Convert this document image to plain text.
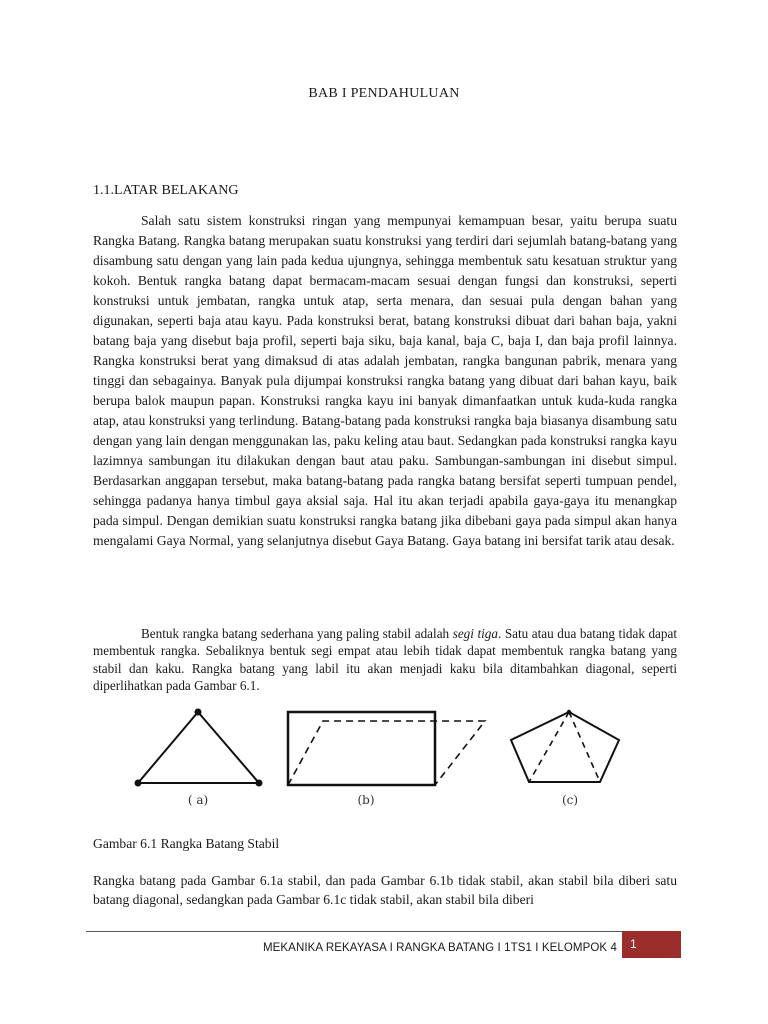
BAB I PENDAHULUAN
1.1.LATAR BELAKANG

Salah satu sistem konstruksi ringan yang mempunyai kemampuan besar, yaitu berupa suatu Rangka Batang. Rangka batang merupakan suatu konstruksi yang terdiri dari sejumlah batang-batang yang disambung satu dengan yang lain pada kedua ujungnya, sehingga membentuk satu kesatuan struktur yang kokoh. Bentuk rangka batang dapat bermacam-macam sesuai dengan fungsi dan konstruksi, seperti konstruksi untuk jembatan, rangka untuk atap, serta menara, dan sesuai pula dengan bahan yang digunakan, seperti baja atau kayu. Pada konstruksi berat, batang konstruksi dibuat dari bahan baja, yakni batang baja yang disebut baja profil, seperti baja siku, baja kanal, baja C, baja I, dan baja profil lainnya. Rangka konstruksi berat yang dimaksud di atas adalah jembatan, rangka bangunan pabrik, menara yang tinggi dan sebagainya. Banyak pula dijumpai konstruksi rangka batang yang dibuat dari bahan kayu, baik berupa balok maupun papan. Konstruksi rangka kayu ini banyak dimanfaatkan untuk kuda-kuda rangka atap, atau konstruksi yang terlindung. Batang-batang pada konstruksi rangka baja biasanya disambung satu dengan yang lain dengan menggunakan las, paku keling atau baut. Sedangkan pada konstruksi rangka kayu lazimnya sambungan itu dilakukan dengan baut atau paku. Sambungan-sambungan ini disebut simpul. Berdasarkan anggapan tersebut, maka batang-batang pada rangka batang bersifat seperti tumpuan pendel, sehingga padanya hanya timbul gaya aksial saja. Hal itu akan terjadi apabila gaya-gaya itu menangkap pada simpul. Dengan demikian suatu konstruksi rangka batang jika dibebani gaya pada simpul akan hanya mengalami Gaya Normal, yang selanjutnya disebut Gaya Batang. Gaya batang ini bersifat tarik atau desak.

Bentuk rangka batang sederhana yang paling stabil adalah segi tiga. Satu atau dua batang tidak dapat membentuk rangka. Sebaliknya bentuk segi empat atau lebih tidak dapat membentuk rangka batang yang stabil dan kaku. Rangka batang yang labil itu akan menjadi kaku bila ditambahkan diagonal, seperti diperlihatkan pada Gambar 6.1.

( a)	(b)	(c)
Gambar 6.1 Rangka Batang Stabil

Rangka batang pada Gambar 6.1a stabil, dan pada Gambar 6.1b tidak stabil, akan stabil bila diberi satu batang diagonal, sedangkan pada Gambar 6.1c tidak stabil, akan stabil bila diberi

MEKANIKA REKAYASA I RANGKA BATANG I 1TS1 I KELOMPOK 4	1
